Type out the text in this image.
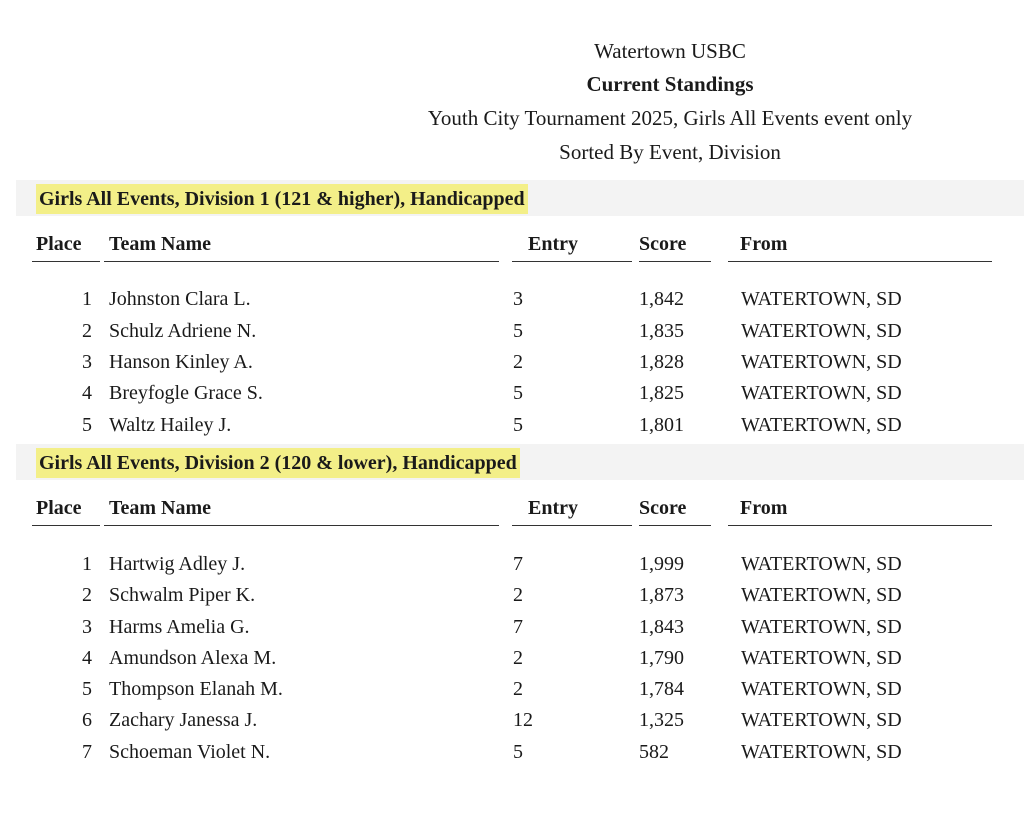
Watertown USBC
Current Standings
Youth City Tournament 2025, Girls All Events event only
Sorted By Event, Division
Girls All Events, Division 1 (121 & higher), Handicapped
Place Team Name	Entry	Score	From
1 Johnston Clara L.	3	1,842	WATERTOWN, SD
2 Schulz Adriene N.	5	1,835	WATERTOWN, SD
3 Hanson Kinley A.	2	1,828	WATERTOWN, SD
4 Breyfogle Grace S.	5	1,825	WATERTOWN, SD
5 Waltz Hailey J.	5	1,801	WATERTOWN, SD
Girls All Events, Division 2 (120 & lower), Handicapped
Place Team Name	Entry	Score	From
1 Hartwig Adley J.	7	1,999	WATERTOWN, SD
2 Schwalm Piper K.	2	1,873	WATERTOWN, SD
3 Harms Amelia G.	7	1,843	WATERTOWN, SD
4 Amundson Alexa M.	2	1,790	WATERTOWN, SD
5 Thompson Elanah M.	2	1,784	WATERTOWN, SD
6 Zachary Janessa J.	12	1,325	WATERTOWN, SD
7 Schoeman Violet N.	5	582	WATERTOWN, SD
